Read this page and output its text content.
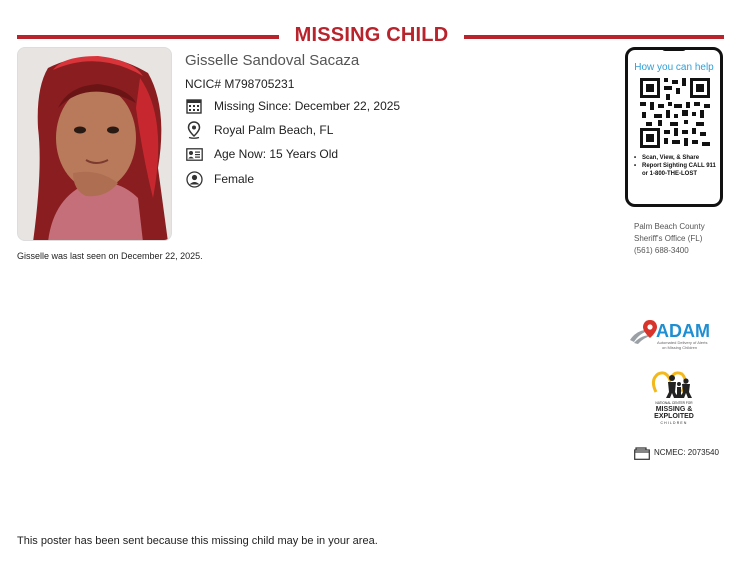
MISSING CHILD
Gisselle Sandoval Sacaza
NCIC# M798705231
Missing Since: December 22, 2025
Royal Palm Beach, FL
Age Now: 15 Years Old
Female
Gisselle was last seen on December 22, 2025.
How you can help
• Scan, View, & Share
• Report Sighting CALL 911 or 1-800-THE-LOST
Palm Beach County
Sheriff's Office (FL)
(561) 688-3400
ADAM
Automated Delivery of Alerts
on Missing Children
NATIONAL CENTER FOR
MISSING &
EXPLOITED
CHILDREN
NCMEC: 2073540
This poster has been sent because this missing child may be in your area.
